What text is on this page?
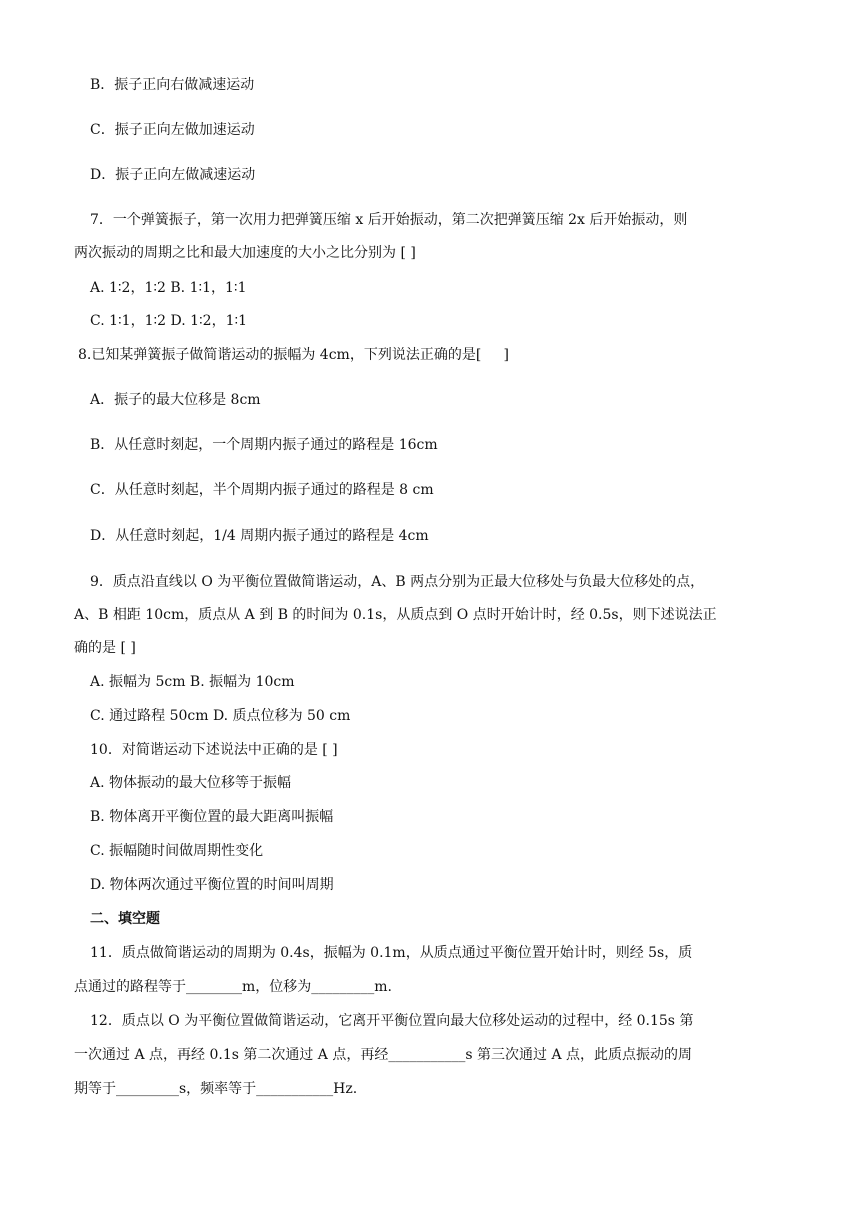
B．振子正向右做减速运动
C．振子正向左做加速运动
D．振子正向左做减速运动
7．一个弹簧振子，第一次用力把弹簧压缩 x 后开始振动，第二次把弹簧压缩 2x 后开始振动，则
两次振动的周期之比和最大加速度的大小之比分别为 [ ]
A. 1∶2，1∶2 B. 1∶1，1∶1
C. 1∶1，1∶2 D. 1∶2，1∶1
8.已知某弹簧振子做简谐运动的振幅为 4cm，下列说法正确的是[     ]
A．振子的最大位移是 8cm
B．从任意时刻起，一个周期内振子通过的路程是 16cm
C．从任意时刻起，半个周期内振子通过的路程是 8 cm
D．从任意时刻起，1/4 周期内振子通过的路程是 4cm
9．质点沿直线以 O 为平衡位置做简谐运动，A、B 两点分别为正最大位移处与负最大位移处的点，
A、B 相距 10cm，质点从 A 到 B 的时间为 0.1s，从质点到 O 点时开始计时，经 0.5s，则下述说法正
确的是 [ ]
A. 振幅为 5cm B. 振幅为 10cm
C. 通过路程 50cm D. 质点位移为 50 cm
10．对简谐运动下述说法中正确的是 [ ]
A. 物体振动的最大位移等于振幅
B. 物体离开平衡位置的最大距离叫振幅
C. 振幅随时间做周期性变化
D. 物体两次通过平衡位置的时间叫周期
二、填空题
11．质点做简谐运动的周期为 0.4s，振幅为 0.1m，从质点通过平衡位置开始计时，则经 5s，质
点通过的路程等于________m，位移为_________m.
12．质点以 O 为平衡位置做简谐运动，它离开平衡位置向最大位移处运动的过程中，经 0.15s 第
一次通过 A 点，再经 0.1s 第二次通过 A 点，再经___________s 第三次通过 A 点，此质点振动的周
期等于_________s，频率等于___________Hz.
